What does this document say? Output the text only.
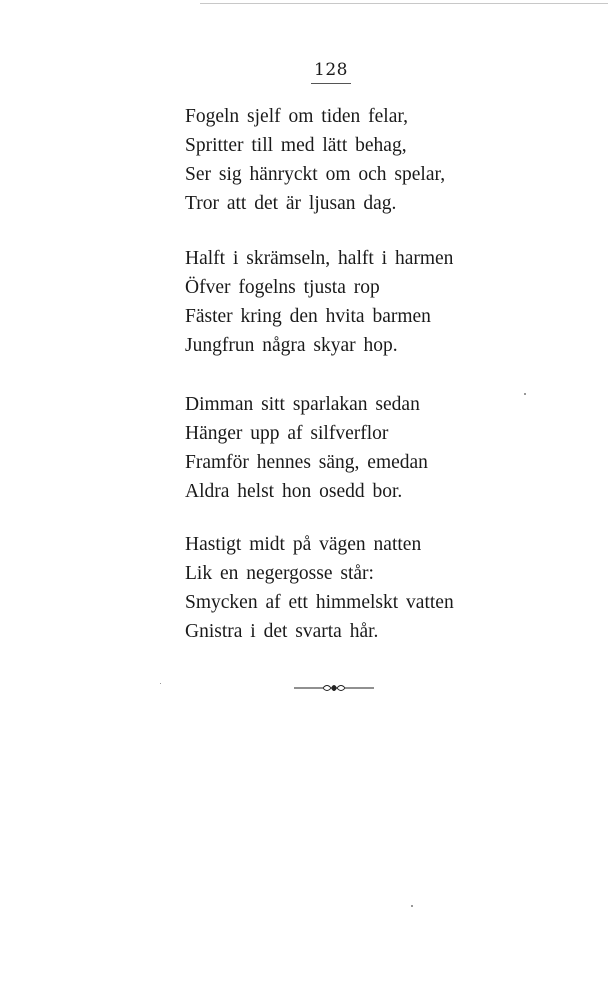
128
Fogeln sjelf om tiden felar,
Spritter till med lätt behag,
Ser sig hänryckt om och spelar,
Tror att det är ljusan dag.
Halft i skrämseln, halft i harmen
Öfver fogelns tjusta rop
Fäster kring den hvita barmen
Jungfrun några skyar hop.
Dimman sitt sparlakan sedan
Hänger upp af silfverflor
Framför hennes säng, emedan
Aldra helst hon osedd bor.
Hastigt midt på vägen natten
Lik en negergosse står:
Smycken af ett himmelskt vatten
Gnistra i det svarta hår.
